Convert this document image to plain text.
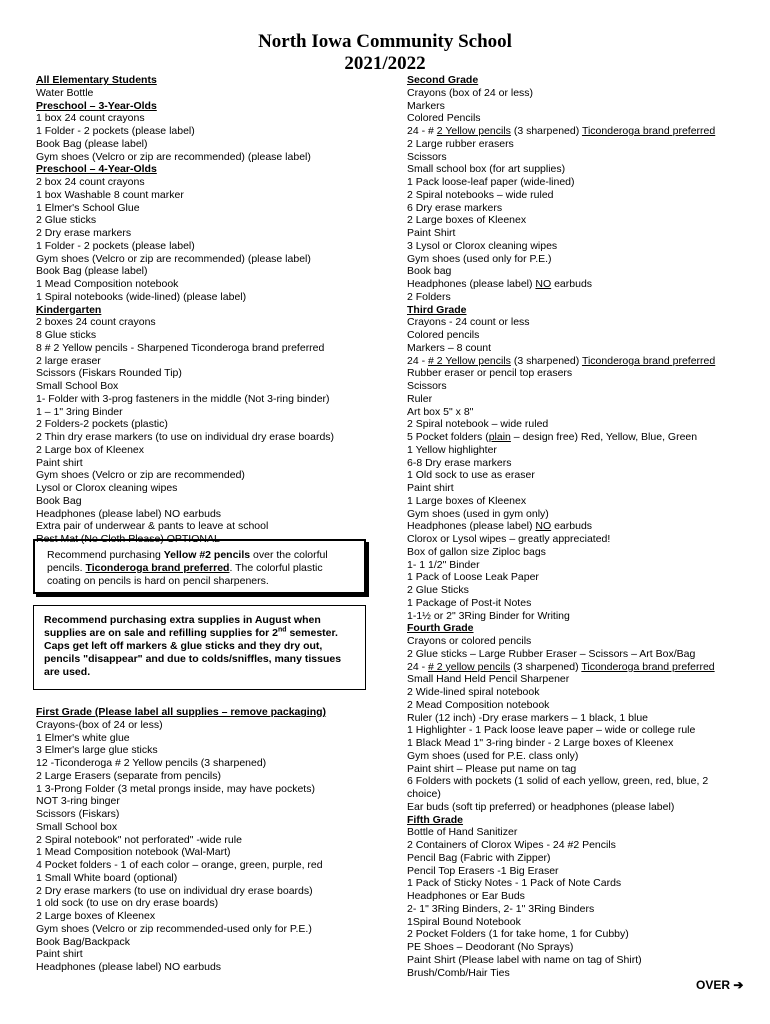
North Iowa Community School
2021/2022
All Elementary Students
Water Bottle
Preschool – 3-Year-Olds
1 box 24 count crayons
1 Folder - 2 pockets (please label)
Book Bag (please label)
Gym shoes (Velcro or zip are recommended) (please label)
Preschool – 4-Year-Olds
2 box 24 count crayons
1 box Washable 8 count marker
1 Elmer's School Glue
2 Glue sticks
2 Dry erase markers
1 Folder - 2 pockets (please label)
Gym shoes (Velcro or zip are recommended) (please label)
Book Bag (please label)
1 Mead Composition notebook
1 Spiral notebooks (wide-lined) (please label)
Kindergarten
2 boxes 24 count crayons
8 Glue sticks
8 # 2 Yellow pencils - Sharpened Ticonderoga brand preferred
2 large eraser
Scissors (Fiskars Rounded Tip)
Small School Box
1- Folder with 3-prog fasteners in the middle (Not 3-ring binder)
1 – 1" 3ring Binder
2 Folders-2 pockets (plastic)
2 Thin dry erase markers (to use on individual dry erase boards)
2 Large box of Kleenex
Paint shirt
Gym shoes (Velcro or zip are recommended)
Lysol or Clorox cleaning wipes
Book Bag
Headphones (please label) NO earbuds
Extra pair of underwear & pants to leave at school
Rest Mat (No Cloth Please) OPTIONAL
Recommend purchasing Yellow #2 pencils over the colorful pencils. Ticonderoga brand preferred. The colorful plastic coating on pencils is hard on pencil sharpeners.
Recommend purchasing extra supplies in August when supplies are on sale and refilling supplies for 2nd semester. Caps get left off markers & glue sticks and they dry out, pencils "disappear" and due to colds/sniffles, many tissues are used.
First Grade (Please label all supplies – remove packaging)
Crayons-(box of 24 or less)
1 Elmer's white glue
3 Elmer's large glue sticks
12 -Ticonderoga # 2 Yellow pencils (3 sharpened)
2 Large Erasers (separate from pencils)
1 3-Prong Folder (3 metal prongs inside, may have pockets)
NOT 3-ring binger
Scissors (Fiskars)
Small School box
2 Spiral notebook" not perforated" -wide rule
1 Mead Composition notebook (Wal-Mart)
4 Pocket folders - 1 of each color – orange, green, purple, red
1 Small White board (optional)
2 Dry erase markers (to use on individual dry erase boards)
1 old sock (to use on dry erase boards)
2 Large boxes of Kleenex
Gym shoes (Velcro or zip recommended-used only for P.E.)
Book Bag/Backpack
Paint shirt
Headphones (please label) NO earbuds
Second Grade
Crayons (box of 24 or less)
Markers
Colored Pencils
24 - # 2 Yellow pencils (3 sharpened) Ticonderoga brand preferred
2 Large rubber erasers
Scissors
Small school box (for art supplies)
1 Pack loose-leaf paper (wide-lined)
2 Spiral notebooks – wide ruled
6 Dry erase markers
2 Large boxes of Kleenex
Paint Shirt
3 Lysol or Clorox cleaning wipes
Gym shoes (used only for P.E.)
Book bag
Headphones (please label) NO earbuds
2 Folders
Third Grade
Crayons - 24 count or less
Colored pencils
Markers – 8 count
24 - # 2 Yellow pencils (3 sharpened) Ticonderoga brand preferred
Rubber eraser or pencil top erasers
Scissors
Ruler
Art box 5" x 8"
2 Spiral notebook – wide ruled
5 Pocket folders (plain – design free) Red, Yellow, Blue, Green
1 Yellow highlighter
6-8 Dry erase markers
1 Old sock to use as eraser
Paint shirt
1 Large boxes of Kleenex
Gym shoes (used in gym only)
Headphones (please label) NO earbuds
Clorox or Lysol wipes – greatly appreciated!
Box of gallon size Ziploc bags
1- 1 1/2" Binder
1 Pack of Loose Leak Paper
2 Glue Sticks
1 Package of Post-it Notes
1-1½ or 2" 3Ring Binder for Writing
Fourth Grade
Crayons or colored pencils
2 Glue sticks – Large Rubber Eraser – Scissors – Art Box/Bag
24 - # 2 yellow pencils (3 sharpened) Ticonderoga brand preferred
Small Hand Held Pencil Sharpener
2 Wide-lined spiral notebook
2 Mead Composition notebook
Ruler (12 inch) -Dry erase markers – 1 black, 1 blue
1 Highlighter - 1 Pack loose leave paper – wide or college rule
1 Black Mead 1" 3-ring binder - 2 Large boxes of Kleenex
Gym shoes (used for P.E. class only)
Paint shirt – Please put name on tag
6 Folders with pockets (1 solid of each yellow, green, red, blue, 2
choice)
Ear buds (soft tip preferred) or headphones (please label)
Fifth Grade
Bottle of Hand Sanitizer
2 Containers of Clorox Wipes - 24 #2 Pencils
Pencil Bag (Fabric with Zipper)
Pencil Top Erasers -1 Big Eraser
1 Pack of Sticky Notes - 1 Pack of Note Cards
Headphones or Ear Buds
2- 1" 3Ring Binders, 2- 1" 3Ring Binders
1Spiral Bound Notebook
2 Pocket Folders (1 for take home, 1 for Cubby)
PE Shoes – Deodorant (No Sprays)
Paint Shirt (Please label with name on tag of Shirt)
Brush/Comb/Hair Ties
OVER ➔
